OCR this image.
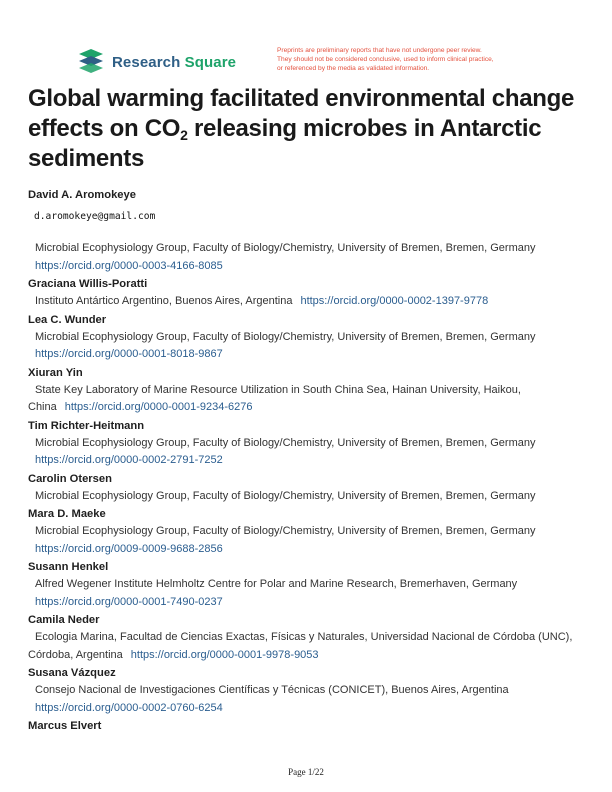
Research Square
Preprints are preliminary reports that have not undergone peer review.
They should not be considered conclusive, used to inform clinical practice,
or referenced by the media as validated information.
Global warming facilitated environmental change effects on $CO_2$ releasing microbes in Antarctic sediments
David A. Aromokeye
d.aromokeye@gmail.com
Microbial Ecophysiology Group, Faculty of Biology/Chemistry, University of Bremen, Bremen, Germany
https://orcid.org/0000-0003-4166-8085
Graciana Willis-Poratti
Instituto Antártico Argentino, Buenos Aires, Argentina https://orcid.org/0000-0002-1397-9778
Lea C. Wunder
Microbial Ecophysiology Group, Faculty of Biology/Chemistry, University of Bremen, Bremen, Germany
https://orcid.org/0000-0001-8018-9867
Xiuran Yin
State Key Laboratory of Marine Resource Utilization in South China Sea, Hainan University, Haikou, China https://orcid.org/0000-0001-9234-6276
Tim Richter-Heitmann
Microbial Ecophysiology Group, Faculty of Biology/Chemistry, University of Bremen, Bremen, Germany
https://orcid.org/0000-0002-2791-7252
Carolin Otersen
Microbial Ecophysiology Group, Faculty of Biology/Chemistry, University of Bremen, Bremen, Germany
Mara D. Maeke
Microbial Ecophysiology Group, Faculty of Biology/Chemistry, University of Bremen, Bremen, Germany
https://orcid.org/0009-0009-9688-2856
Susann Henkel
Alfred Wegener Institute Helmholtz Centre for Polar and Marine Research, Bremerhaven, Germany
https://orcid.org/0000-0001-7490-0237
Camila Neder
Ecologia Marina, Facultad de Ciencias Exactas, Físicas y Naturales, Universidad Nacional de Córdoba (UNC), Córdoba, Argentina https://orcid.org/0000-0001-9978-9053
Susana Vázquez
Consejo Nacional de Investigaciones Científicas y Técnicas (CONICET), Buenos Aires, Argentina
https://orcid.org/0000-0002-0760-6254
Marcus Elvert
Page 1/22
